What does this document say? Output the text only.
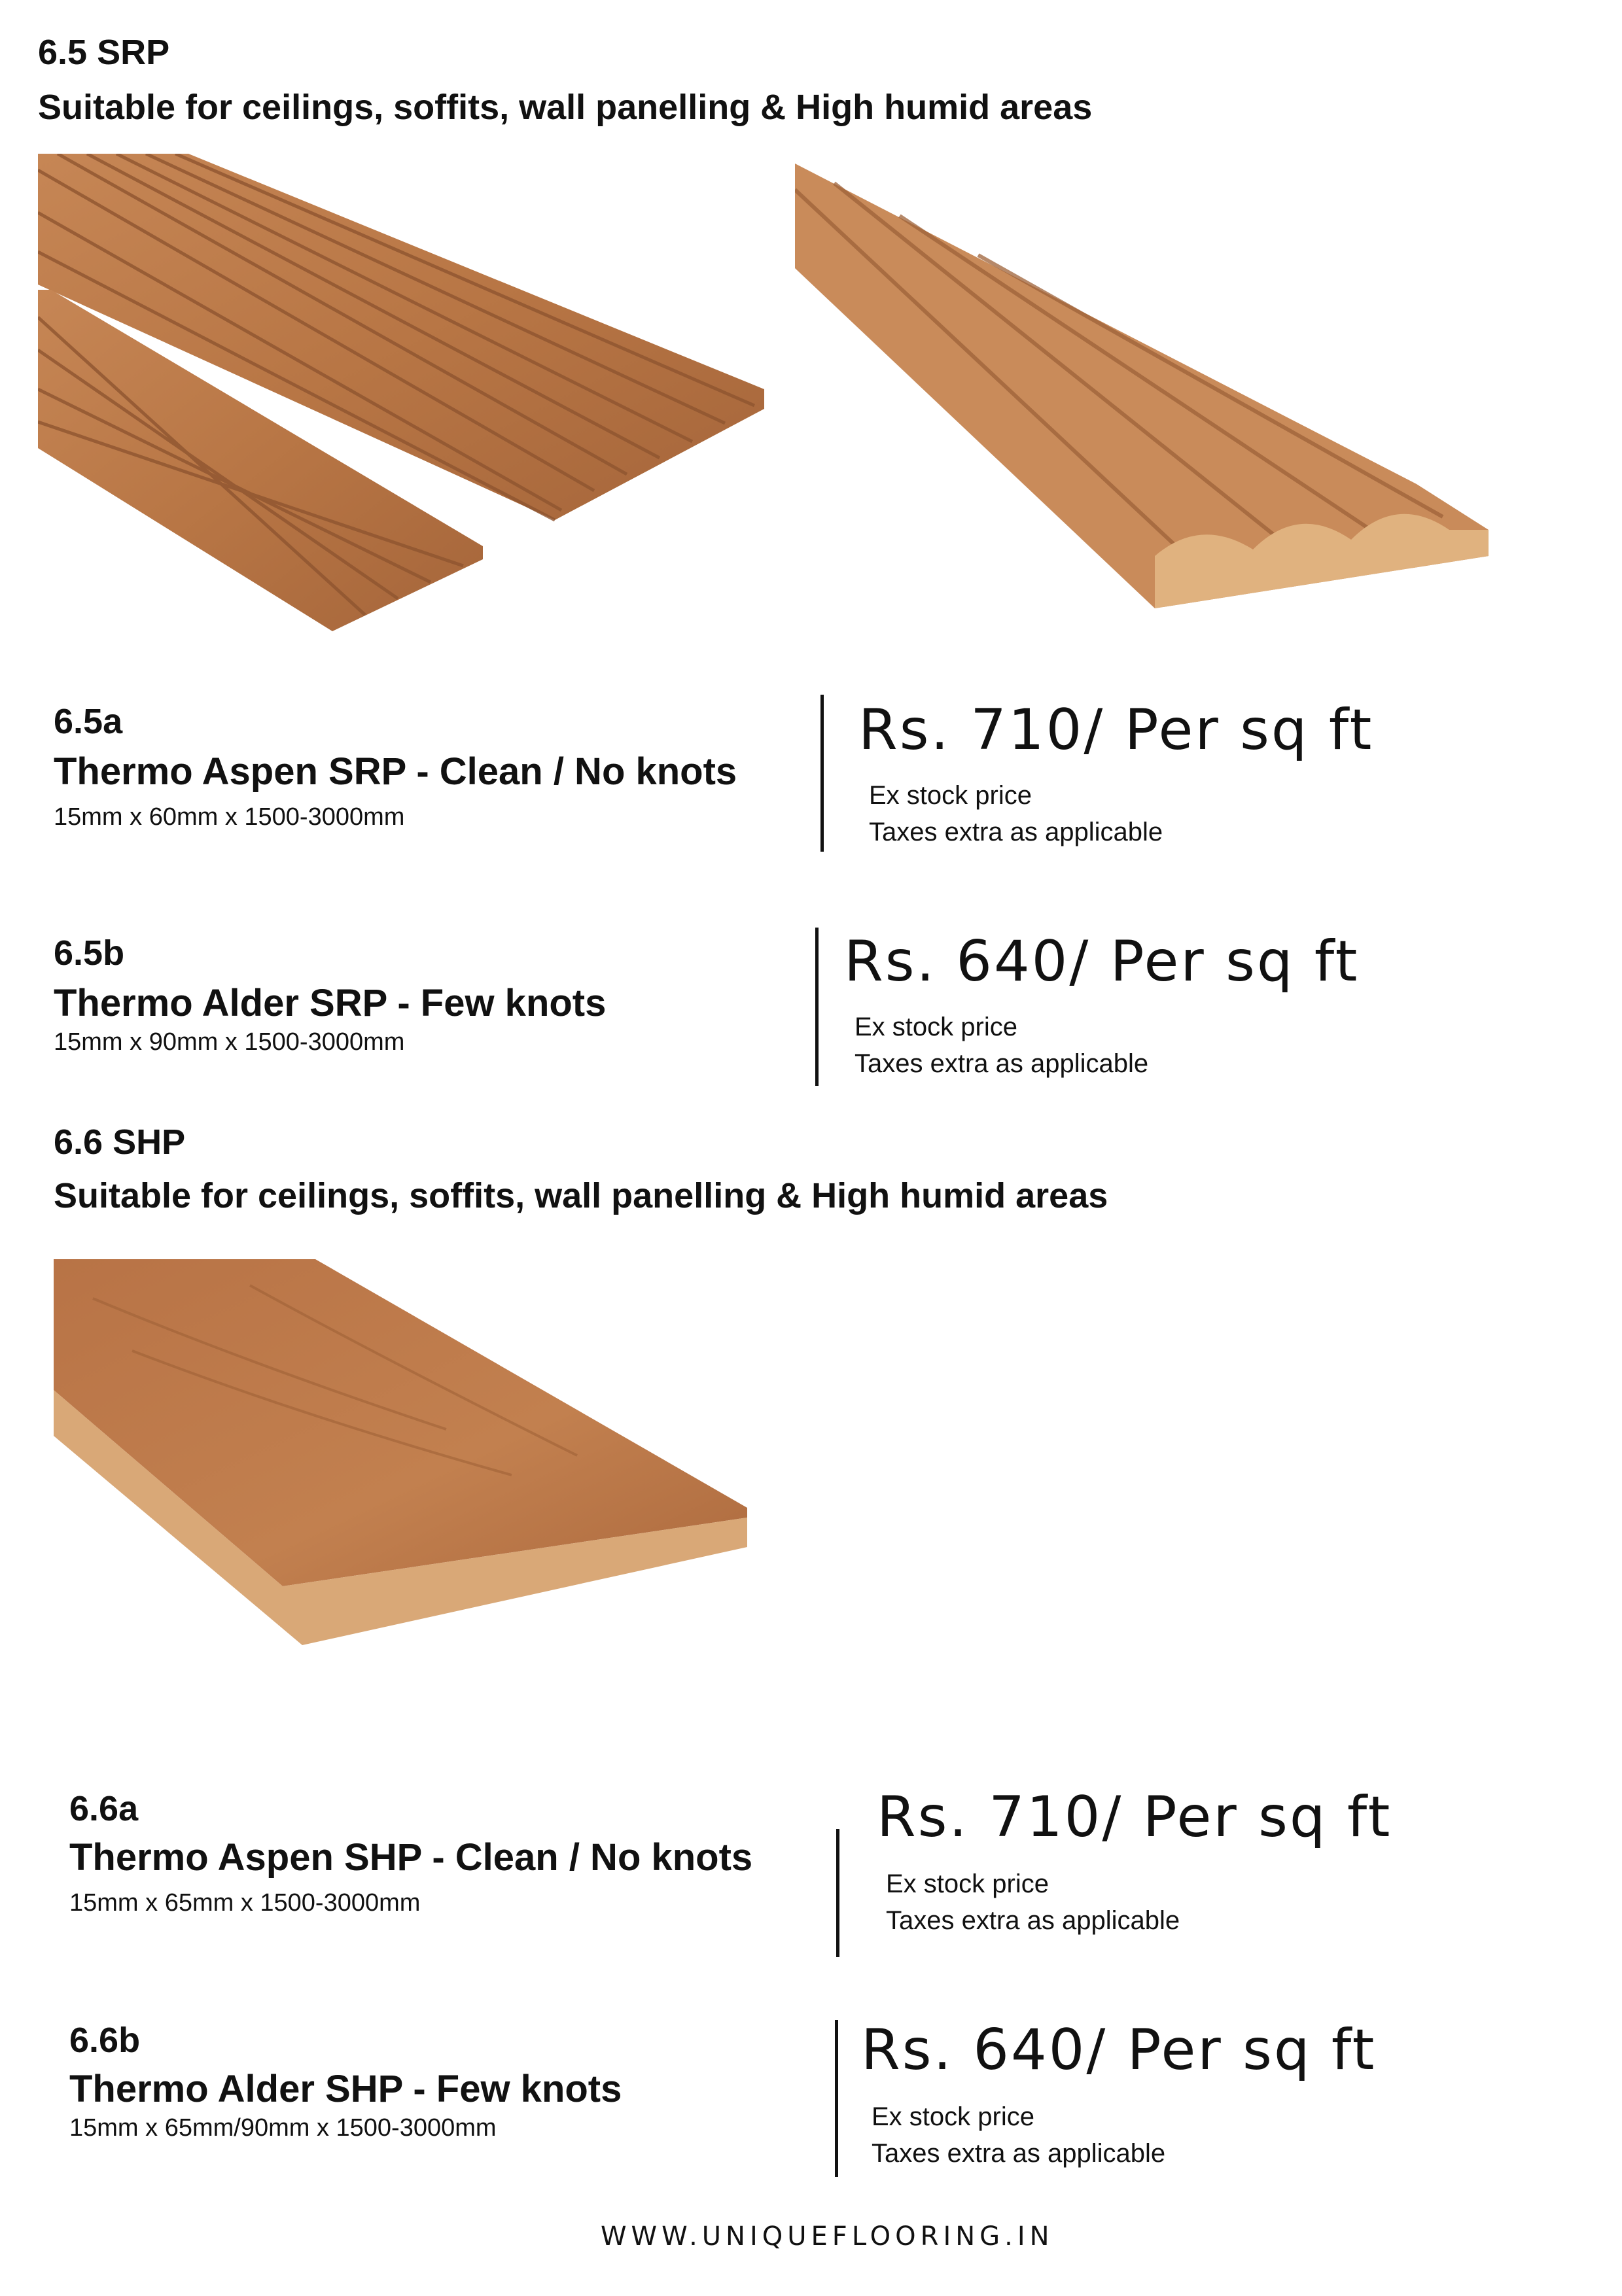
6.5 SRP
Suitable for ceilings, soffits, wall panelling & High humid areas
6.5a
Thermo Aspen SRP - Clean / No knots
15mm x 60mm x 1500-3000mm
Rs. 710/ Per sq ft
Ex stock price
Taxes extra as applicable
6.5b
Thermo Alder SRP - Few knots
15mm x 90mm x 1500-3000mm
Rs. 640/ Per sq ft
Ex stock price
Taxes extra as applicable
6.6 SHP
Suitable for ceilings, soffits, wall panelling & High humid areas
6.6a
Thermo Aspen SHP - Clean / No knots
15mm x 65mm x 1500-3000mm
Rs. 710/ Per sq ft
Ex stock price
Taxes extra as applicable
6.6b
Thermo Alder SHP - Few knots
15mm x 65mm/90mm x 1500-3000mm
Rs. 640/ Per sq ft
Ex stock price
Taxes extra as applicable
WWW.UNIQUEFLOORING.IN
